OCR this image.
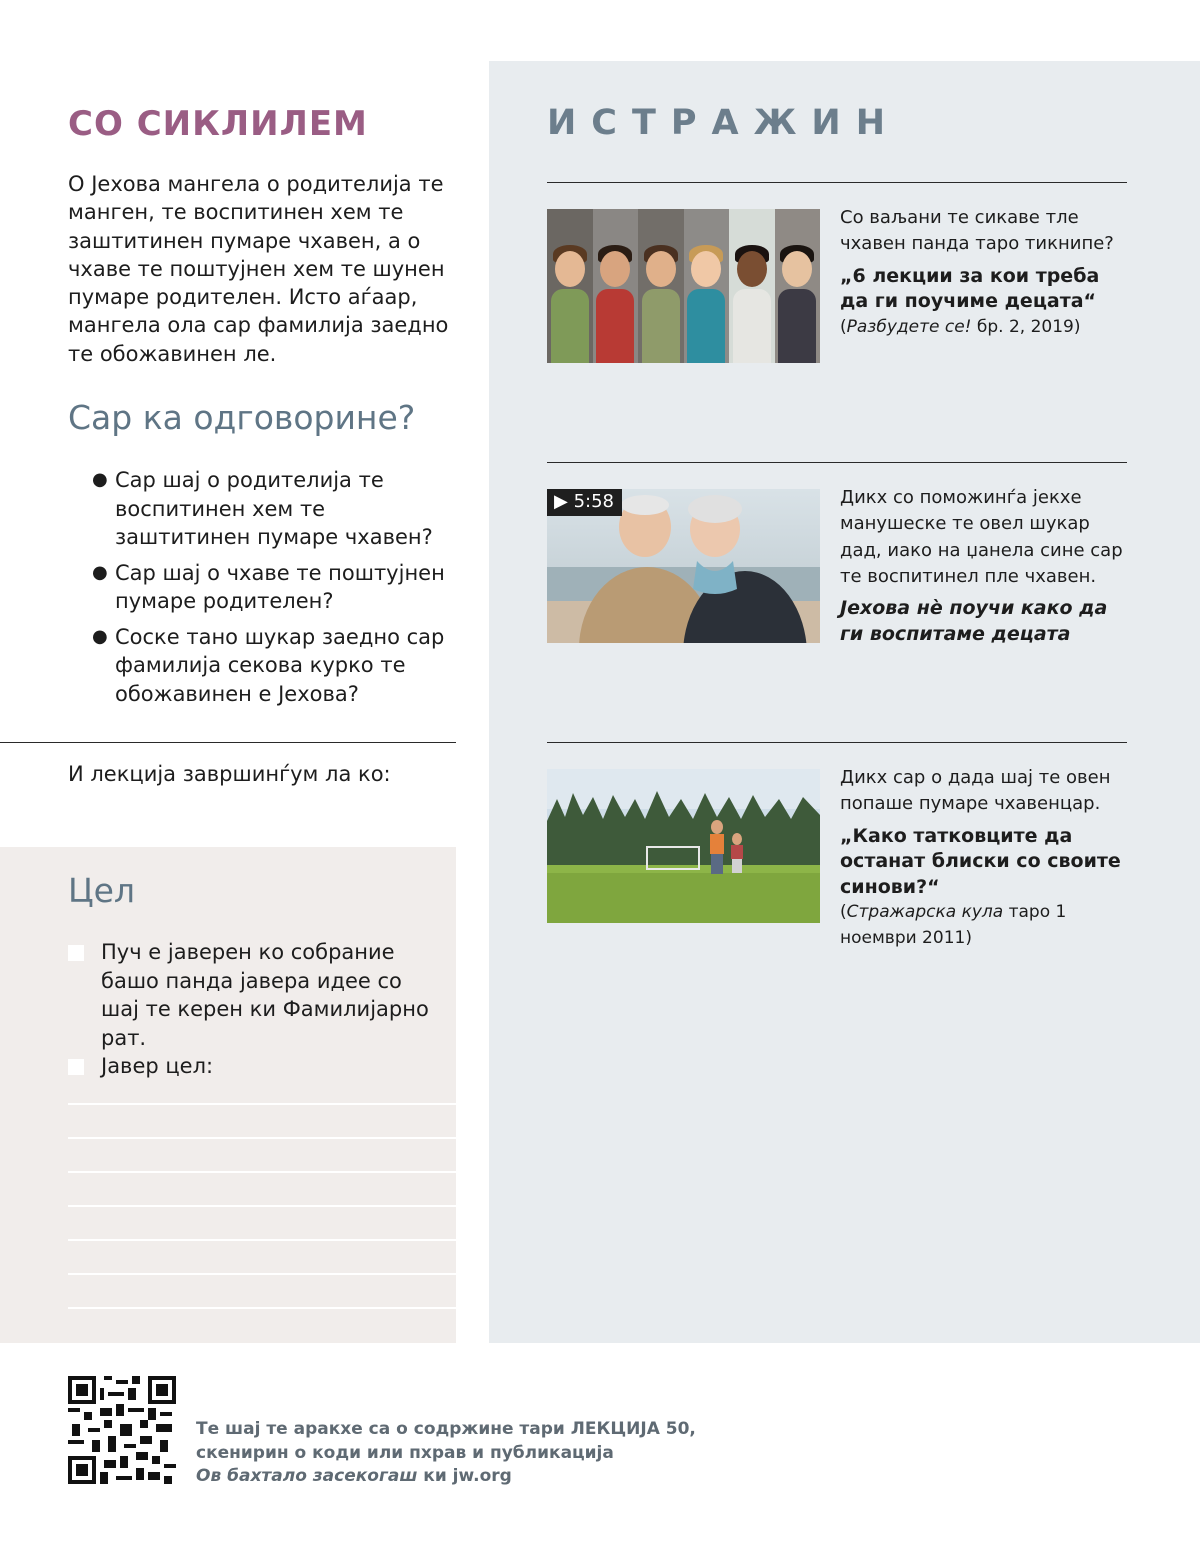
СО СИКЛИЛЕМ

О Јехова мангела о родителија те манген, те воспитинен хем те заштитинен пумаре чхавен, а о чхаве те поштујнен хем те шунен пумаре родителен. Исто аѓаар, мангела ола сар фамилија заедно те обожавинен ле.

Сар ка одговорине?
● Сар шај о родителија те воспитинен хем те заштитинен пумаре чхавен?
● Сар шај о чхаве те поштујнен пумаре родителен?
● Соске тано шукар заедно сар фамилија секова курко те обожавинен е Јехова?

И лекција завршинѓум ла ко:

Цел

Пуч е јаверен ко собрание башо панда јавера идее со шај те керен ки Фамилијарно рат.

Јавер цел:

ИСТРАЖИН

Со ваљани те сикаве тле чхавен панда таро тикнипе?

„6 лекции за кои треба да ги поучиме децата“

(Разбудете се! бр. 2, 2019)

▶ 5:58	Дикх со поможинѓа јекхе манушеске те овел шукар дад, иако на џанела сине сар те воспитинел пле чхавен.

Јехова нѐ поучи како да ги воспитаме децата

Дикх сар о дада шај те овен попаше пумаре чхавенцар.

„Како татковците да останат блиски со своите синови?“

(Стражарска кула таро 1 ноември 2011)

Те шај те аракхе са о содржине тари ЛЕКЦИЈА 50,
скенирин о коди или пхрав и публикација
Ов бахтало засекогаш ки jw.org
